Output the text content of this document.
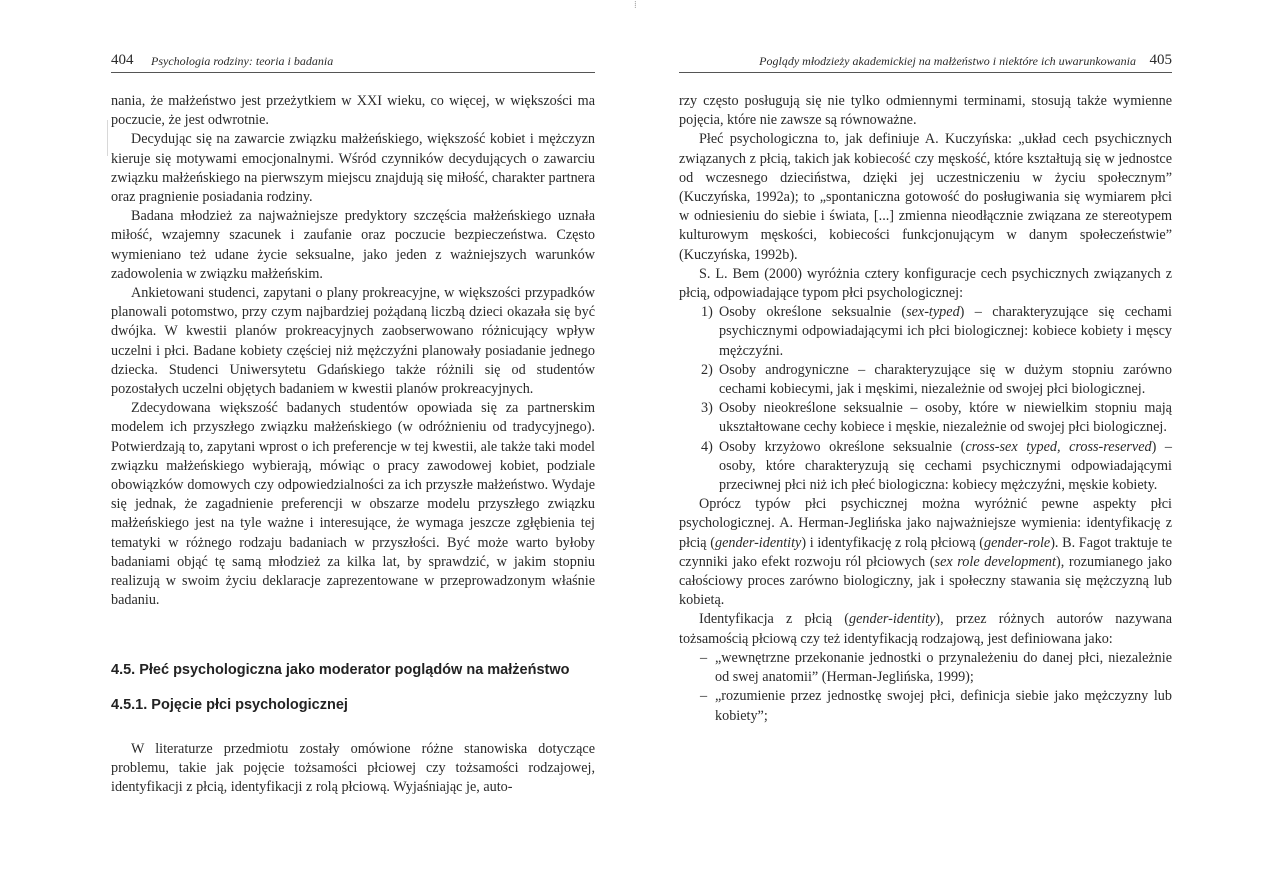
404 Psychologia rodziny: teoria i badania

nania, że małżeństwo jest przeżytkiem w XXI wieku, co więcej, w większości ma poczucie, że jest odwrotnie.

Decydując się na zawarcie związku małżeńskiego, większość kobiet i mężczyzn kieruje się motywami emocjonalnymi. Wśród czynników decydujących o zawarciu związku małżeńskiego na pierwszym miejscu znajdują się miłość, charakter partnera oraz pragnienie posiadania rodziny.

Badana młodzież za najważniejsze predyktory szczęścia małżeńskiego uznała miłość, wzajemny szacunek i zaufanie oraz poczucie bezpieczeństwa. Często wymieniano też udane życie seksualne, jako jeden z ważniejszych warunków zadowolenia w związku małżeńskim.

Ankietowani studenci, zapytani o plany prokreacyjne, w większości przypadków planowali potomstwo, przy czym najbardziej pożądaną liczbą dzieci okazała się być dwójka. W kwestii planów prokreacyjnych zaobserwowano różnicujący wpływ uczelni i płci. Badane kobiety częściej niż mężczyźni planowały posiadanie jednego dziecka. Studenci Uniwersytetu Gdańskiego także różnili się od studentów pozostałych uczelni objętych badaniem w kwestii planów prokreacyjnych.

Zdecydowana większość badanych studentów opowiada się za partnerskim modelem ich przyszłego związku małżeńskiego (w odróżnieniu od tradycyjnego). Potwierdzają to, zapytani wprost o ich preferencje w tej kwestii, ale także taki model związku małżeńskiego wybierają, mówiąc o pracy zawodowej kobiet, podziale obowiązków domowych czy odpowiedzialności za ich przyszłe małżeństwo. Wydaje się jednak, że zagadnienie preferencji w obszarze modelu przyszłego związku małżeńskiego jest na tyle ważne i interesujące, że wymaga jeszcze zgłębienia tej tematyki w różnego rodzaju badaniach w przyszłości. Być może warto byłoby badaniami objąć tę samą młodzież za kilka lat, by sprawdzić, w jakim stopniu realizują w swoim życiu deklaracje zaprezentowane w przeprowadzonym właśnie badaniu.

4.5. Płeć psychologiczna jako moderator poglądów na małżeństwo
4.5.1. Pojęcie płci psychologicznej

W literaturze przedmiotu zostały omówione różne stanowiska dotyczące problemu, takie jak pojęcie tożsamości płciowej czy tożsamości rodzajowej, identyfikacji z płcią, identyfikacji z rolą płciową. Wyjaśniając je, auto-

⁞
Poglądy młodzieży akademickiej na małżeństwo i niektóre ich uwarunkowania 405

rzy często posługują się nie tylko odmiennymi terminami, stosują także wymienne pojęcia, które nie zawsze są równoważne.

Płeć psychologiczna to, jak definiuje A. Kuczyńska: „układ cech psychicznych związanych z płcią, takich jak kobiecość czy męskość, które kształtują się w jednostce od wczesnego dzieciństwa, dzięki jej uczestniczeniu w życiu społecznym” (Kuczyńska, 1992a); to „spontaniczna gotowość do posługiwania się wymiarem płci w odniesieniu do siebie i świata, [...] zmienna nieodłącznie związana ze stereotypem kulturowym męskości, kobiecości funkcjonującym w danym społeczeństwie” (Kuczyńska, 1992b).

S. L. Bem (2000) wyróżnia cztery konfiguracje cech psychicznych związanych z płcią, odpowiadające typom płci psychologicznej:

1) Osoby określone seksualnie (sex-typed) – charakteryzujące się cechami psychicznymi odpowiadającymi ich płci biologicznej: kobiece kobiety i męscy mężczyźni.
2) Osoby androgyniczne – charakteryzujące się w dużym stopniu zarówno cechami kobiecymi, jak i męskimi, niezależnie od swojej płci biologicznej.
3) Osoby nieokreślone seksualnie – osoby, które w niewielkim stopniu mają ukształtowane cechy kobiece i męskie, niezależnie od swojej płci biologicznej.
4) Osoby krzyżowo określone seksualnie (cross-sex typed, cross-reserved) – osoby, które charakteryzują się cechami psychicznymi odpowiadającymi przeciwnej płci niż ich płeć biologiczna: kobiecy mężczyźni, męskie kobiety.

Oprócz typów płci psychicznej można wyróżnić pewne aspekty płci psychologicznej. A. Herman-Jeglińska jako najważniejsze wymienia: identyfikację z płcią (gender-identity) i identyfikację z rolą płciową (gender-role). B. Fagot traktuje te czynniki jako efekt rozwoju ról płciowych (sex role development), rozumianego jako całościowy proces zarówno biologiczny, jak i społeczny stawania się mężczyzną lub kobietą.

Identyfikacja z płcią (gender-identity), przez różnych autorów nazywana tożsamością płciową czy też identyfikacją rodzajową, jest definiowana jako:

– „wewnętrzne przekonanie jednostki o przynależeniu do danej płci, niezależnie od swej anatomii” (Herman-Jeglińska, 1999);
– „rozumienie przez jednostkę swojej płci, definicja siebie jako mężczyzny lub kobiety”;
